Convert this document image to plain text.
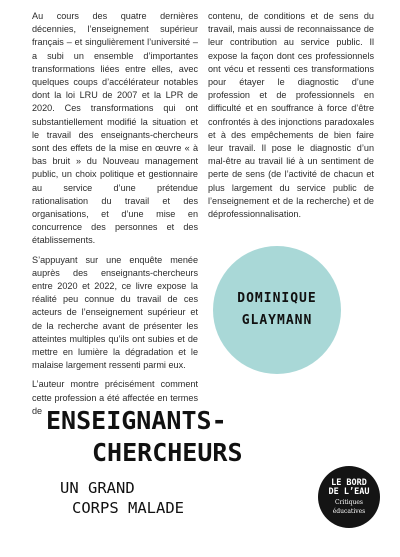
Au cours des quatre dernières décennies, l’enseignement supérieur français – et singulièrement l’université – a subi un ensemble d’importantes transformations liées entre elles, avec quelques coups d’accélérateur notables dont la loi LRU de 2007 et la LPR de 2020. Ces transformations qui ont substantiellement modifié la situation et le travail des enseignants-chercheurs sont des effets de la mise en œuvre « à bas bruit » du Nouveau management public, un choix politique et gestionnaire au service d’une prétendue rationalisation du travail et des organisations, et d’une mise en concurrence des personnes et des établissements.

S’appuyant sur une enquête menée auprès des enseignants-chercheurs entre 2020 et 2022, ce livre expose la réalité peu connue du travail de ces acteurs de l’enseignement supérieur et de la recherche avant de présenter les atteintes multiples qu’ils ont subies et de mettre en lumière la dégradation et le malaise largement ressenti parmi eux.

L’auteur montre précisément comment cette profession a été affectée en termes de

contenu, de conditions et de sens du travail, mais aussi de reconnaissance de leur contribution au service public. Il expose la façon dont ces professionnels ont vécu et ressenti ces transformations pour étayer le diagnostic d’une profession et de professionnels en difficulté et en souffrance à force d’être confrontés à des injonctions paradoxales et à des empêchements de bien faire leur travail. Il pose le diagnostic d’un mal-être au travail lié à un sentiment de perte de sens (de l’activité de chacun et plus largement du service public de l’enseignement et de la recherche) et de déprofessionnalisation.

DOMINIQUE
GLAYMANN
ENSEIGNANTS-
CHERCHEURS
UN GRAND
CORPS MALADE
LE BORD
DE L’EAU
Critiques
éducatives
